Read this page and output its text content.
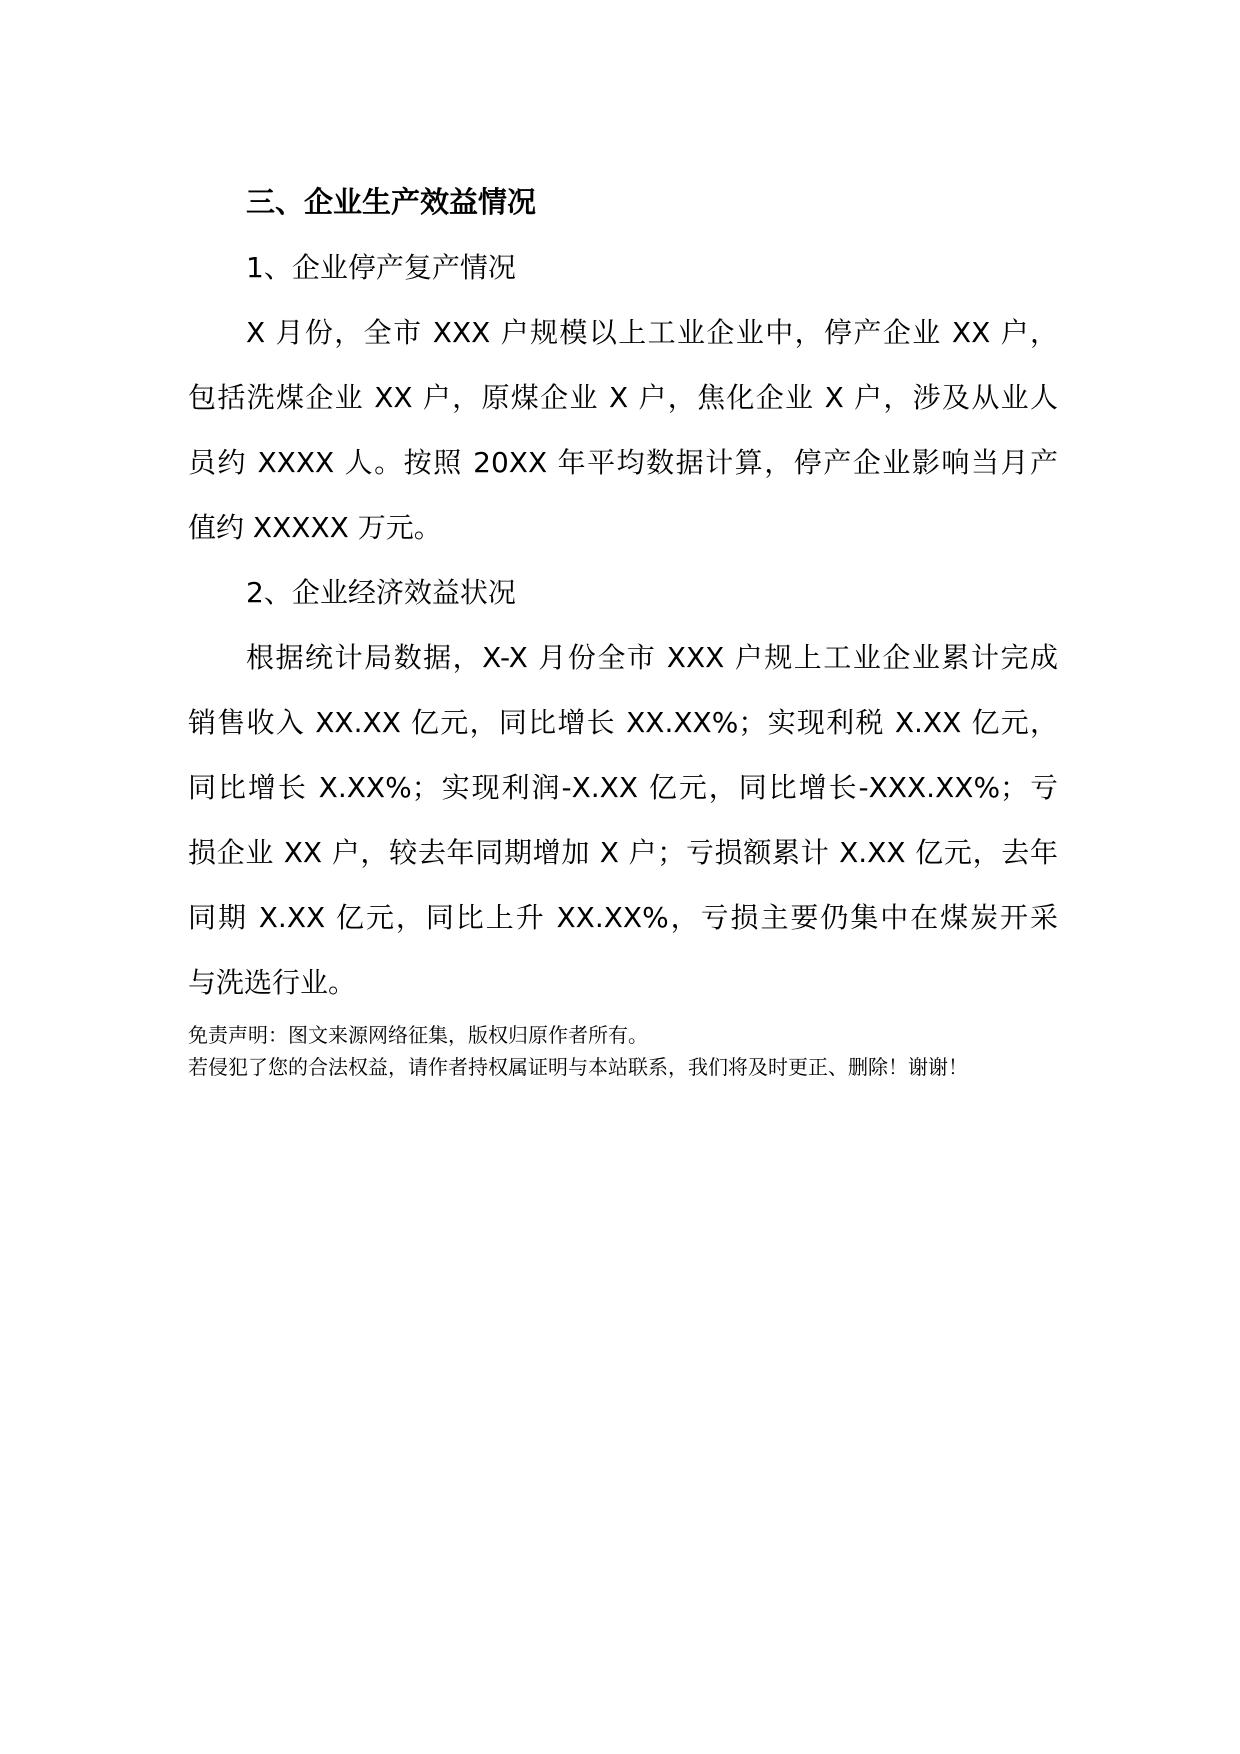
三、企业生产效益情况

1、企业停产复产情况

X 月份，全市 XXX 户规模以上工业企业中，停产企业 XX 户，
包括洗煤企业 XX 户，原煤企业 X 户，焦化企业 X 户，涉及从业人
员约 XXXX 人。按照 20XX 年平均数据计算，停产企业影响当月产
值约 XXXXX 万元。

2、企业经济效益状况

根据统计局数据，X-X 月份全市 XXX 户规上工业企业累计完成
销售收入 XX.XX 亿元，同比增长 XX.XX%；实现利税 X.XX 亿元，
同比增长 X.XX%；实现利润-X.XX 亿元，同比增长-XXX.XX%；亏
损企业 XX 户，较去年同期增加 X 户；亏损额累计 X.XX 亿元，去年
同期 X.XX 亿元，同比上升 XX.XX%，亏损主要仍集中在煤炭开采
与洗选行业。

免责声明：图文来源网络征集，版权归原作者所有。
若侵犯了您的合法权益，请作者持权属证明与本站联系，我们将及时更正、删除！谢谢！
